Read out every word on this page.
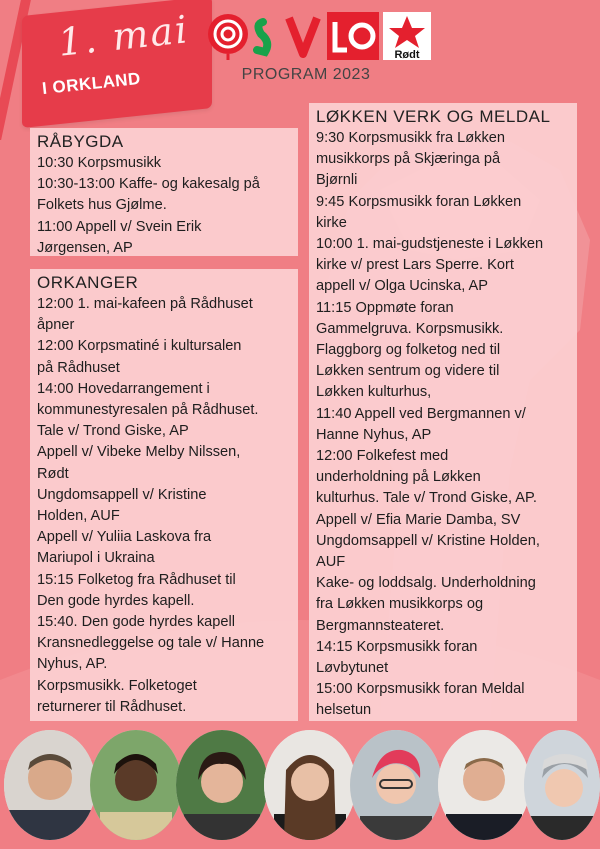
1. mai
I ORKLAND
Rødt
PROGRAM 2023
RÅBYGDA
10:30 Korpsmusikk
10:30-13:00 Kaffe- og kakesalg på
Folkets hus Gjølme.
11:00 Appell v/ Svein Erik
Jørgensen, AP
ORKANGER
12:00 1. mai-kafeen på Rådhuset
åpner
12:00 Korpsmatiné i kultursalen
på Rådhuset
14:00 Hovedarrangement i
kommunestyresalen på Rådhuset.
Tale v/ Trond Giske, AP
Appell v/ Vibeke Melby Nilssen,
Rødt
Ungdomsappell v/ Kristine
Holden, AUF
Appell v/ Yuliia Laskova fra
Mariupol i Ukraina
15:15 Folketog fra Rådhuset til
Den gode hyrdes kapell.
15:40. Den gode hyrdes kapell
Kransnedleggelse og tale v/ Hanne
Nyhus, AP.
Korpsmusikk. Folketoget
returnerer til Rådhuset.
LØKKEN VERK OG MELDAL
9:30 Korpsmusikk fra Løkken
musikkorps på Skjæringa på
Bjørnli
9:45 Korpsmusikk foran Løkken
kirke
10:00 1. mai-gudstjeneste i Løkken
kirke v/ prest Lars Sperre. Kort
appell v/ Olga Ucinska, AP
11:15 Oppmøte foran
Gammelgruva. Korpsmusikk.
Flaggborg og folketog ned til
Løkken sentrum og videre til
Løkken kulturhus,
11:40 Appell ved Bergmannen v/
Hanne Nyhus, AP
12:00 Folkefest med
underholdning på Løkken
kulturhus. Tale v/ Trond Giske, AP.
Appell v/ Efia Marie Damba, SV
Ungdomsappell v/ Kristine Holden,
AUF
Kake- og loddsalg. Underholdning
fra Løkken musikkorps og
Bergmannsteateret.
14:15 Korpsmusikk foran
Løvbytunet
15:00 Korpsmusikk foran Meldal
helsetun
